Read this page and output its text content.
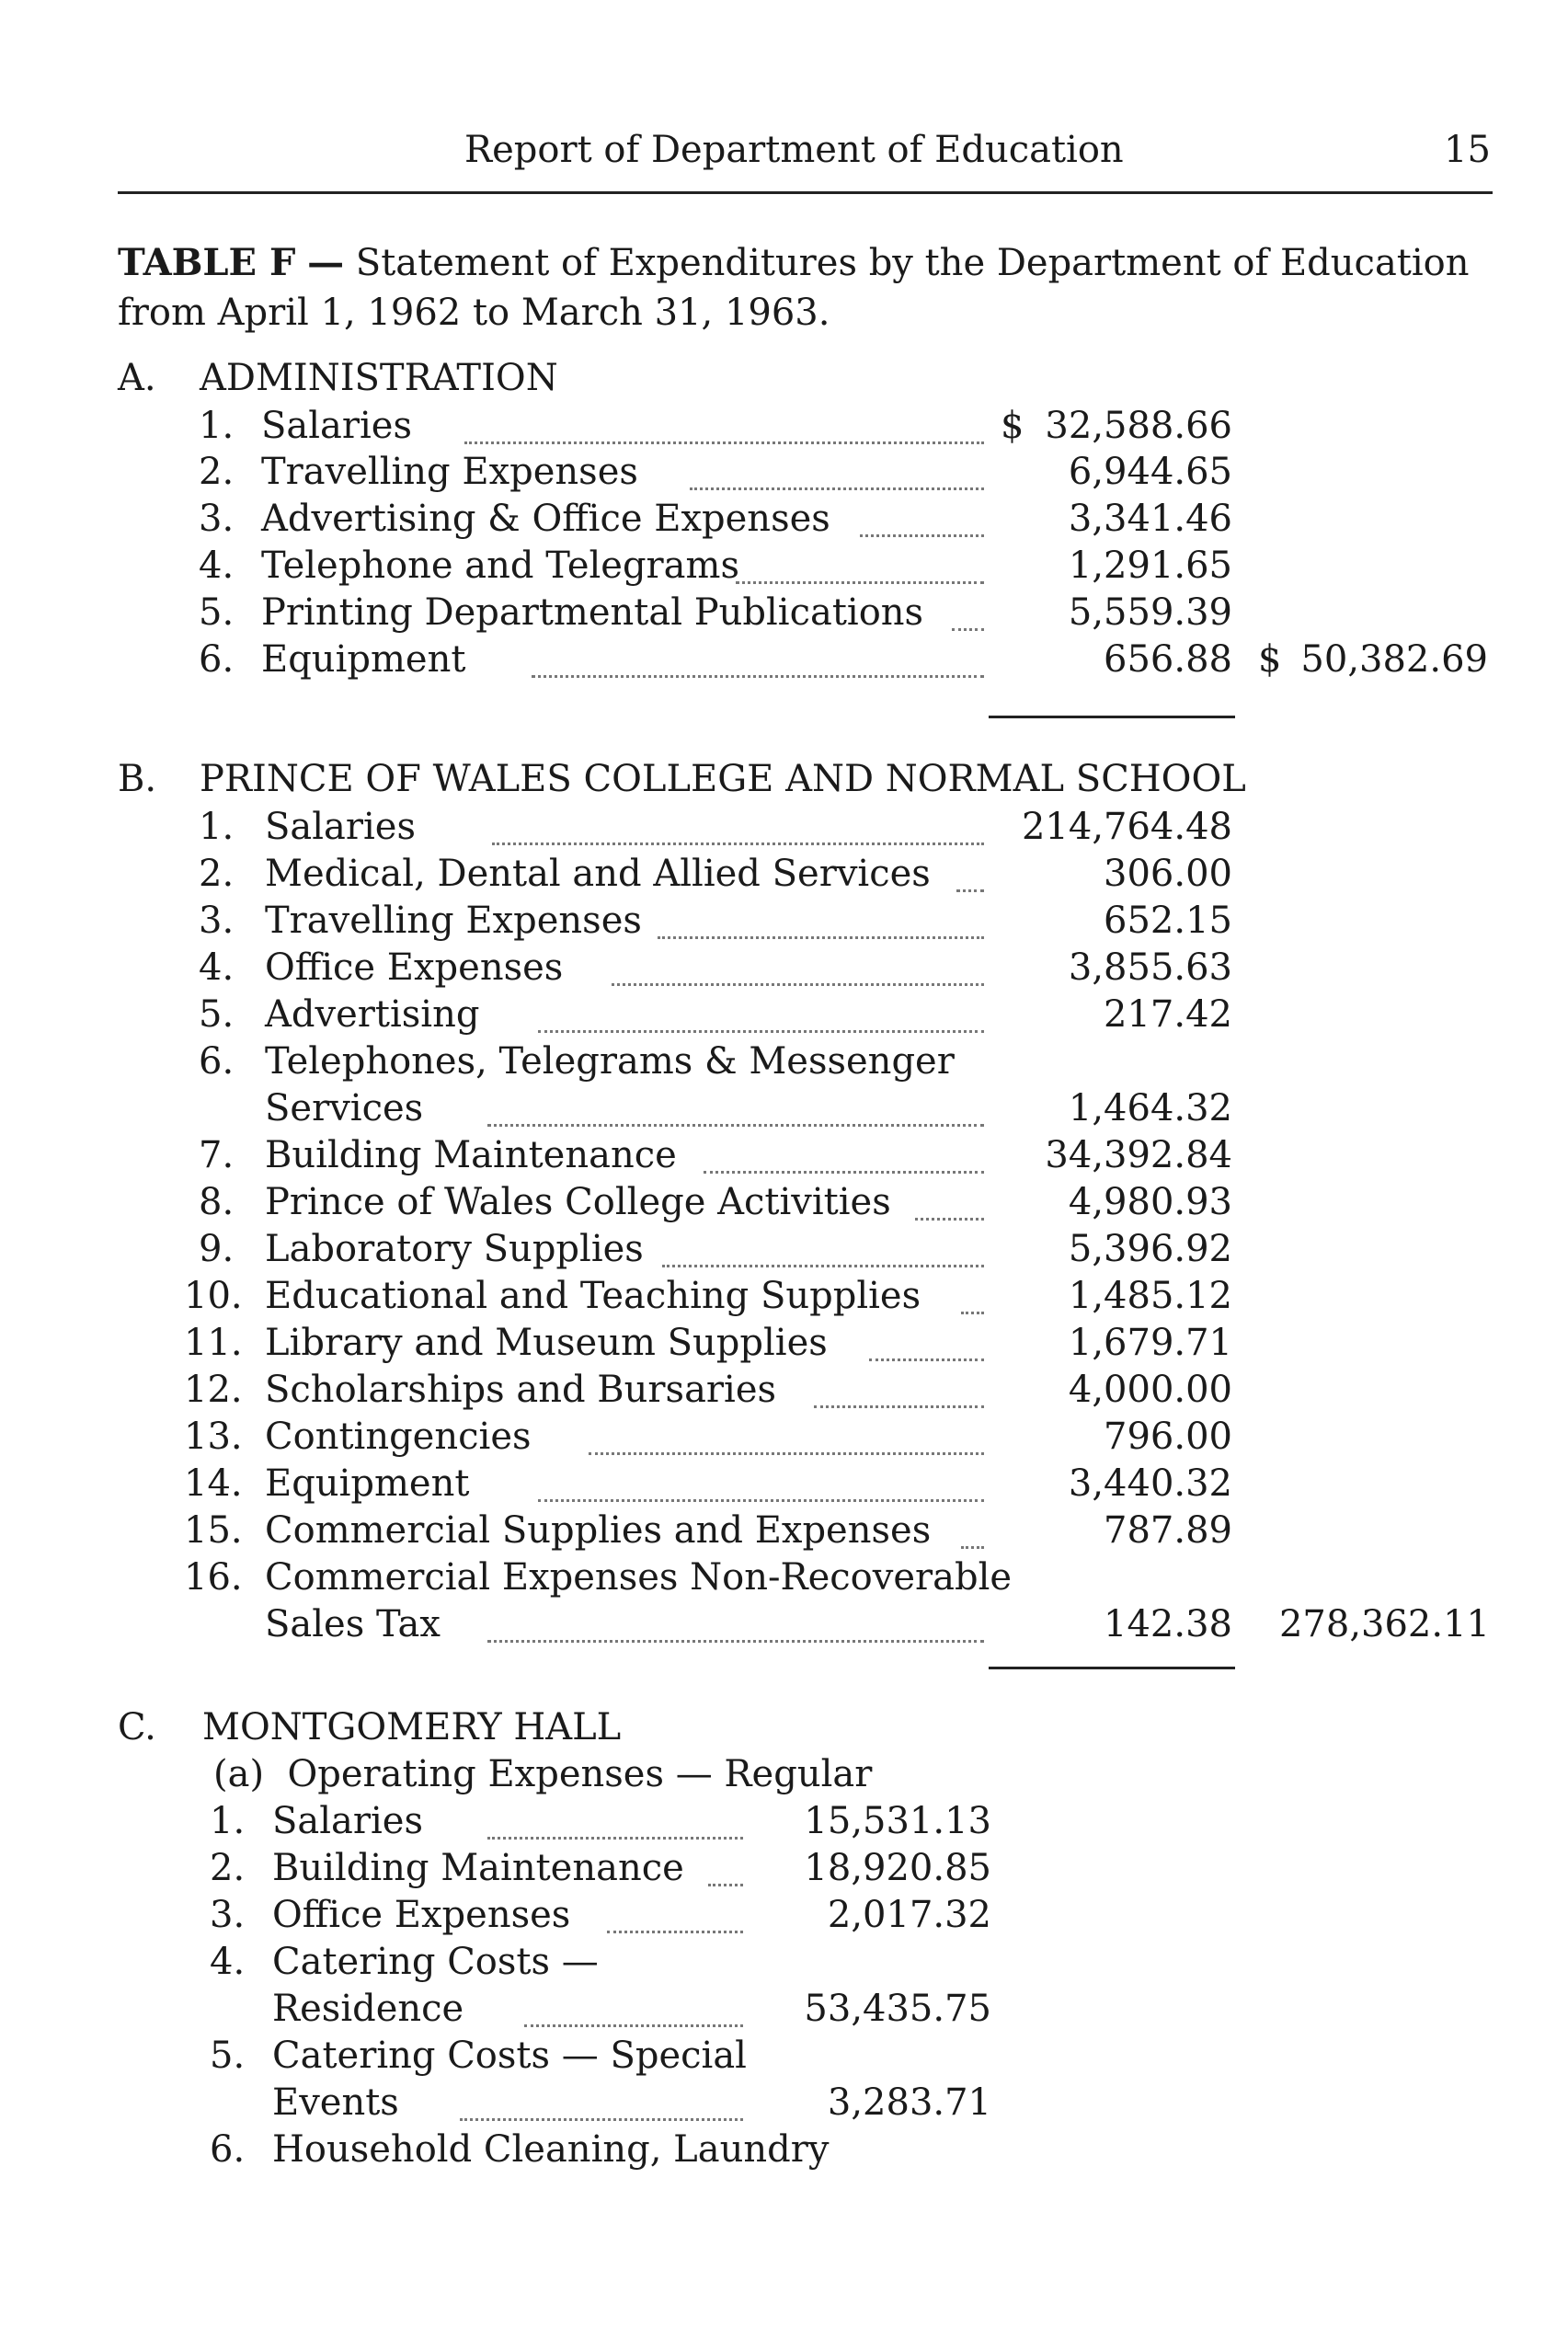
Report of Department of Education	15
TABLE F — Statement of Expenditures by the Department of Education
from April 1, 1962 to March 31, 1963.
A. ADMINISTRATION
1. Salaries	$ 32,588.66
2. Travelling Expenses	6,944.65
3. Advertising & Office Expenses	3,341.46
4. Telephone and Telegrams	1,291.65
5. Printing Departmental Publications	5,559.39
6. Equipment	656.88 $ 50,382.69
B. PRINCE OF WALES COLLEGE AND NORMAL SCHOOL
1. Salaries	214,764.48
2. Medical, Dental and Allied Services	306.00
3. Travelling Expenses	652.15
4. Office Expenses	3,855.63
5. Advertising	217.42
6. Telephones, Telegrams & Messenger
Services	1,464.32
7. Building Maintenance	34,392.84
8. Prince of Wales College Activities	4,980.93
9. Laboratory Supplies	5,396.92
10. Educational and Teaching Supplies	1,485.12
11. Library and Museum Supplies	1,679.71
12. Scholarships and Bursaries	4,000.00
13. Contingencies	796.00
14. Equipment	3,440.32
15. Commercial Supplies and Expenses	787.89
16. Commercial Expenses Non-Recoverable
Sales Tax	142.38	278,362.11
C. MONTGOMERY HALL
(a)  Operating Expenses — Regular
1. Salaries	15,531.13
2. Building Maintenance	18,920.85
3. Office Expenses	2,017.32
4. Catering Costs —
Residence	53,435.75
5. Catering Costs — Special
Events	3,283.71
6. Household Cleaning, Laundry
